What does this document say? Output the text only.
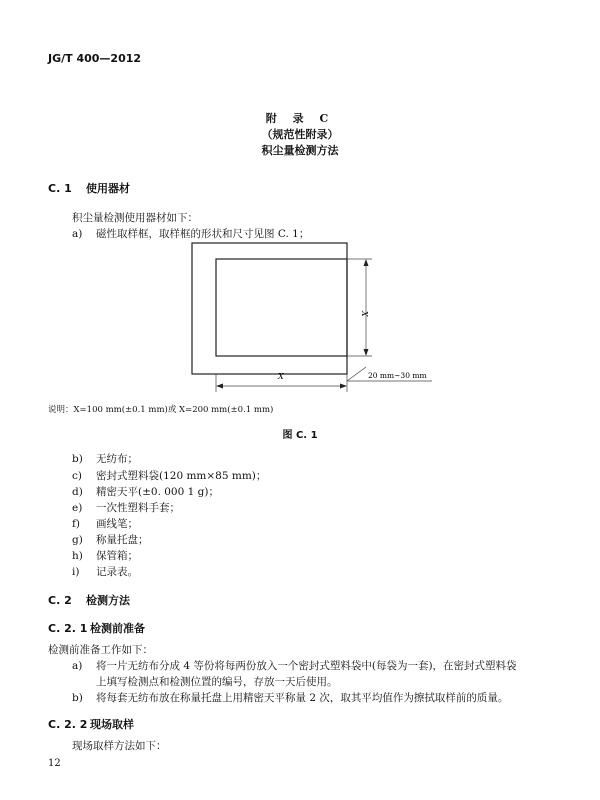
JG/T 400—2012
附 录 C
（规范性附录）
积尘量检测方法
C. 1 使用器材
积尘量检测使用器材如下：
a) 磁性取样框，取样框的形状和尺寸见图 C. 1；
X
X	20 mm~30 mm
说明：X=100 mm(±0.1 mm)或 X=200 mm(±0.1 mm)
图 C. 1
b) 无纺布；
c) 密封式塑料袋(120 mm×85 mm)；
d) 精密天平(±0. 000 1 g)；
e) 一次性塑料手套；
f) 画线笔；
g) 称量托盘；
h) 保管箱；
i) 记录表。
C. 2 检测方法
C. 2. 1 检测前准备
检测前准备工作如下：
a) 将一片无纺布分成 4 等份将每两份放入一个密封式塑料袋中(每袋为一套)，在密封式塑料袋
上填写检测点和检测位置的编号，存放一天后使用。
b) 将每套无纺布放在称量托盘上用精密天平称量 2 次，取其平均值作为擦拭取样前的质量。
C. 2. 2 现场取样
现场取样方法如下：
12
